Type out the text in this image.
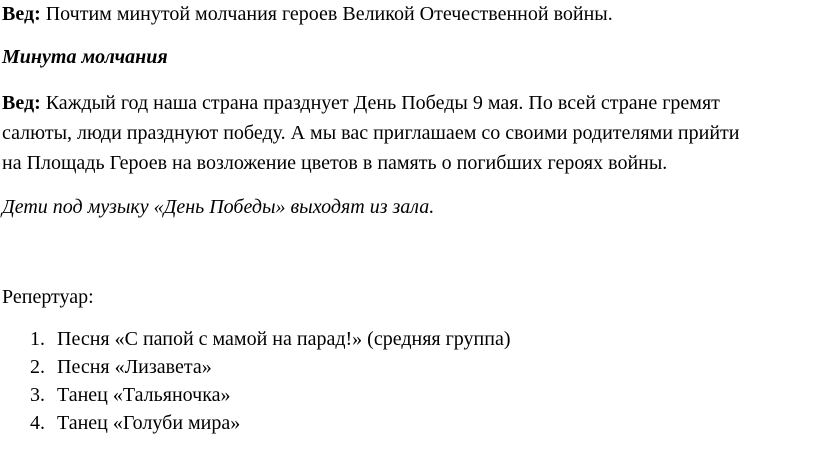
Вед: Почтим минутой молчания героев Великой Отечественной войны.
Минута молчания
Вед: Каждый год наша страна празднует День Победы 9 мая. По всей стране гремят
салюты, люди празднуют победу. А мы вас приглашаем со своими родителями прийти
на Площадь Героев на возложение цветов в память о погибших героях войны.
Дети под музыку «День Победы» выходят из зала.
Репертуар:
1. Песня «С папой с мамой на парад!» (средняя группа)
2. Песня «Лизавета»
3. Танец «Тальяночка»
4. Танец «Голуби мира»
